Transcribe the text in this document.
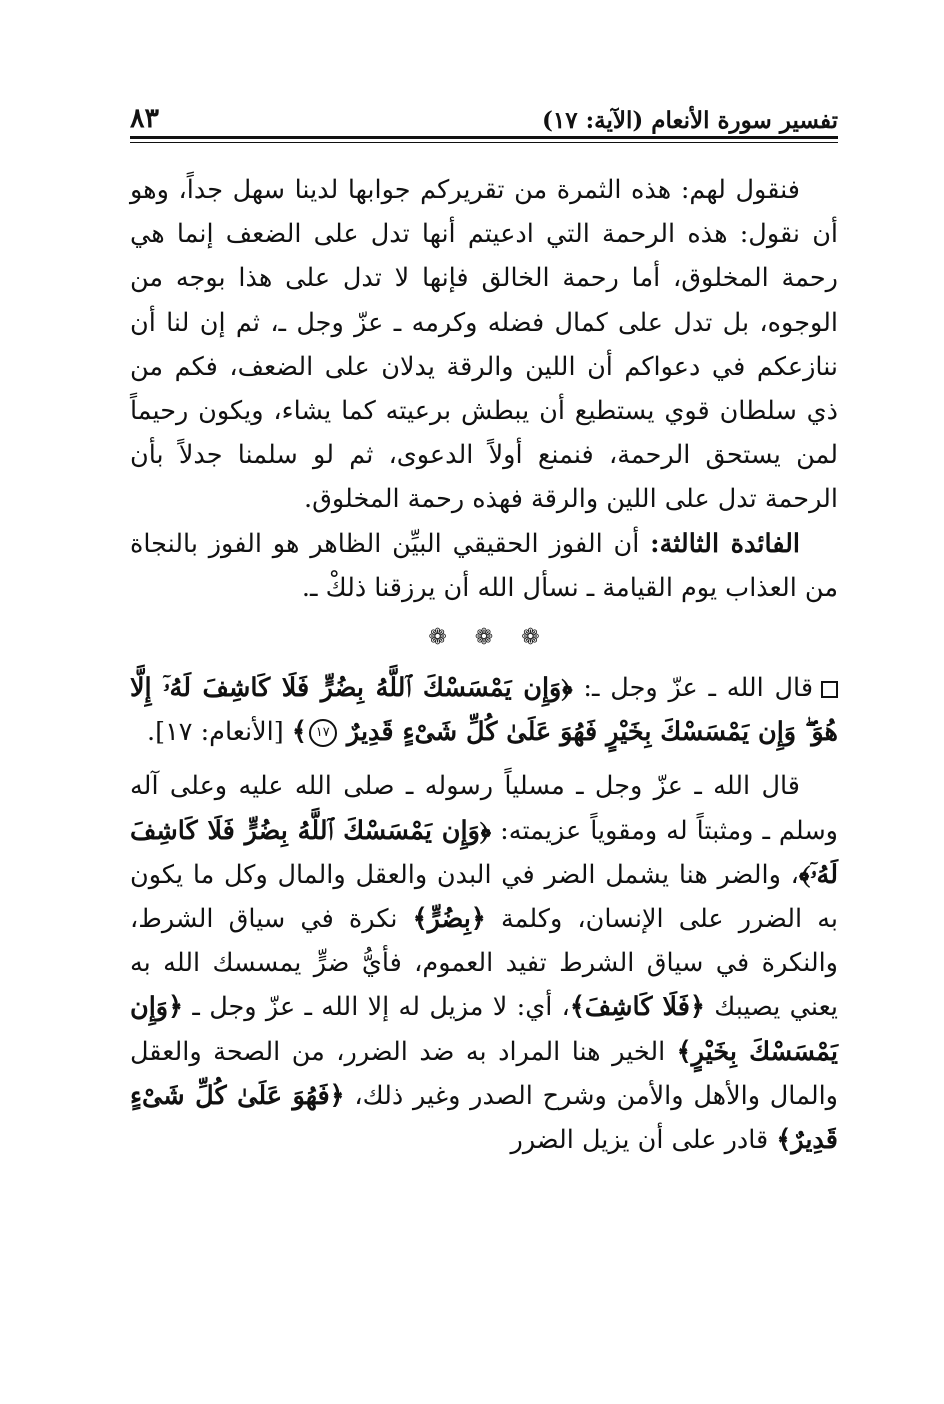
تفسير سورة الأنعام (الآية: ١٧)
٨٣

فنقول لهم: هذه الثمرة من تقريركم جوابها لدينا سهل جداً، وهو أن نقول: هذه الرحمة التي ادعيتم أنها تدل على الضعف إنما هي رحمة المخلوق، أما رحمة الخالق فإنها لا تدل على هذا بوجه من الوجوه، بل تدل على كمال فضله وكرمه ـ عزّ وجل ـ، ثم إن لنا أن ننازعكم في دعواكم أن اللين والرقة يدلان على الضعف، فكم من ذي سلطان قوي يستطيع أن يبطش برعيته كما يشاء، ويكون رحيماً لمن يستحق الرحمة، فنمنع أولاً الدعوى، ثم لو سلمنا جدلاً بأن الرحمة تدل على اللين والرقة فهذه رحمة المخلوق.

الفائدة الثالثة: أن الفوز الحقيقي البيِّن الظاهر هو الفوز بالنجاة من العذاب يوم القيامة ـ نسأل الله أن يرزقنا ذلكْ ـ.

❁
❁
❁

قال الله ـ عزّ وجل ـ: ﴿وَإِن يَمْسَسْكَ ٱللَّهُ بِضُرٍّ فَلَا كَاشِفَ لَهُۥٓ إِلَّا هُوَ ۖ وَإِن يَمْسَسْكَ بِخَيْرٍ فَهُوَ عَلَىٰ كُلِّ شَىْءٍ قَدِيرٌ ١٧﴾ [الأنعام: ١٧].

قال الله ـ عزّ وجل ـ مسلياً رسوله ـ صلى الله عليه وعلى آله وسلم ـ ومثبتاً له ومقوياً عزيمته: ﴿وَإِن يَمْسَسْكَ ٱللَّهُ بِضُرٍّ فَلَا كَاشِفَ لَهُۥٓ﴾، والضر هنا يشمل الضر في البدن والعقل والمال وكل ما يكون به الضرر على الإنسان، وكلمة ﴿بِضُرٍّ﴾ نكرة في سياق الشرط، والنكرة في سياق الشرط تفيد العموم، فأيُّ ضرٍّ يمسسك الله به يعني يصيبك ﴿فَلَا كَاشِفَ﴾، أي: لا مزيل له إلا الله ـ عزّ وجل ـ ﴿وَإِن يَمْسَسْكَ بِخَيْرٍ﴾ الخير هنا المراد به ضد الضرر، من الصحة والعقل والمال والأهل والأمن وشرح الصدر وغير ذلك، ﴿فَهُوَ عَلَىٰ كُلِّ شَىْءٍ قَدِيرٌ﴾ قادر على أن يزيل الضرر
